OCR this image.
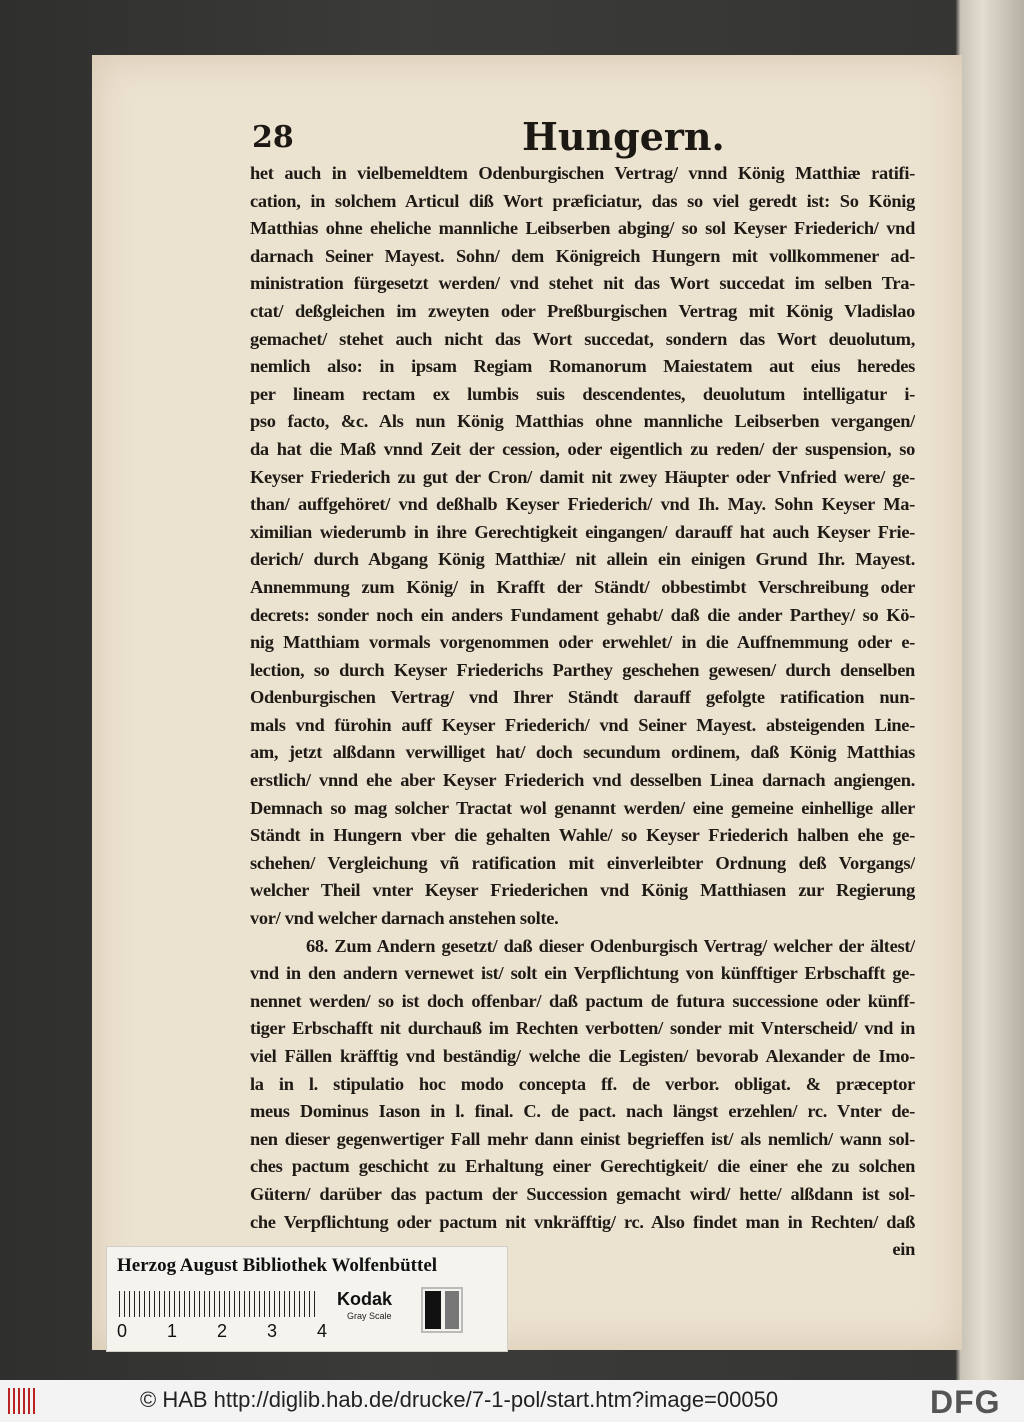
28	Hungern.
het auch in vielbemeldtem Odenburgischen Vertrag/ vnnd König Matthiæ ratifi-
cation, in solchem Articul diß Wort præficiatur, das so viel geredt ist: So König
Matthias ohne eheliche mannliche Leibserben abging/ so sol Keyser Friederich/ vnd
darnach Seiner Mayest. Sohn/ dem Königreich Hungern mit vollkommener ad-
ministration fürgesetzt werden/ vnd stehet nit das Wort succedat im selben Tra-
ctat/ deßgleichen im zweyten oder Preßburgischen Vertrag mit König Vladislao
gemachet/ stehet auch nicht das Wort succedat, sondern das Wort deuolutum,
nemlich also: in ipsam Regiam Romanorum Maiestatem aut eius heredes
per lineam rectam ex lumbis suis descendentes, deuolutum intelligatur i-
pso facto, &c. Als nun König Matthias ohne mannliche Leibserben vergangen/
da hat die Maß vnnd Zeit der cession, oder eigentlich zu reden/ der suspension, so
Keyser Friederich zu gut der Cron/ damit nit zwey Häupter oder Vnfried were/ ge-
than/ auffgehöret/ vnd deßhalb Keyser Friederich/ vnd Ih. May. Sohn Keyser Ma-
ximilian wiederumb in ihre Gerechtigkeit eingangen/ darauff hat auch Keyser Frie-
derich/ durch Abgang König Matthiæ/ nit allein ein einigen Grund Ihr. Mayest.
Annemmung zum König/ in Krafft der Ständt/ obbestimbt Verschreibung oder
decrets: sonder noch ein anders Fundament gehabt/ daß die ander Parthey/ so Kö-
nig Matthiam vormals vorgenommen oder erwehlet/ in die Auffnemmung oder e-
lection, so durch Keyser Friederichs Parthey geschehen gewesen/ durch denselben
Odenburgischen Vertrag/ vnd Ihrer Ständt darauff gefolgte ratification nun-
mals vnd fürohin auff Keyser Friederich/ vnd Seiner Mayest. absteigenden Line-
am, jetzt alßdann verwilliget hat/ doch secundum ordinem, daß König Matthias
erstlich/ vnnd ehe aber Keyser Friederich vnd desselben Linea darnach angiengen.
Demnach so mag solcher Tractat wol genannt werden/ eine gemeine einhellige aller
Ständt in Hungern vber die gehalten Wahle/ so Keyser Friederich halben ehe ge-
schehen/ Vergleichung vñ ratification mit einverleibter Ordnung deß Vorgangs/
welcher Theil vnter Keyser Friederichen vnd König Matthiasen zur Regierung
vor/ vnd welcher darnach anstehen solte.
68. Zum Andern gesetzt/ daß dieser Odenburgisch Vertrag/ welcher der ältest/
vnd in den andern vernewet ist/ solt ein Verpflichtung von künfftiger Erbschafft ge-
nennet werden/ so ist doch offenbar/ daß pactum de futura successione oder künff-
tiger Erbschafft nit durchauß im Rechten verbotten/ sonder mit Vnterscheid/ vnd in
viel Fällen kräfftig vnd beständig/ welche die Legisten/ bevorab Alexander de Imo-
la in l. stipulatio hoc modo concepta ff. de verbor. obligat. & præceptor
meus Dominus Iason in l. final. C. de pact. nach längst erzehlen/ rc. Vnter de-
nen dieser gegenwertiger Fall mehr dann einist begrieffen ist/ als nemlich/ wann sol-
ches pactum geschicht zu Erhaltung einer Gerechtigkeit/ die einer ehe zu solchen
Gütern/ darüber das pactum der Succession gemacht wird/ hette/ alßdann ist sol-
che Verpflichtung oder pactum nit vnkräfftig/ rc. Also findet man in Rechten/ daß
ein
Herzog August Bibliothek Wolfenbüttel
0 1 2 3 4
Kodak
Gray Scale
© HAB http://diglib.hab.de/drucke/7-1-pol/start.htm?image=00050	DFG
